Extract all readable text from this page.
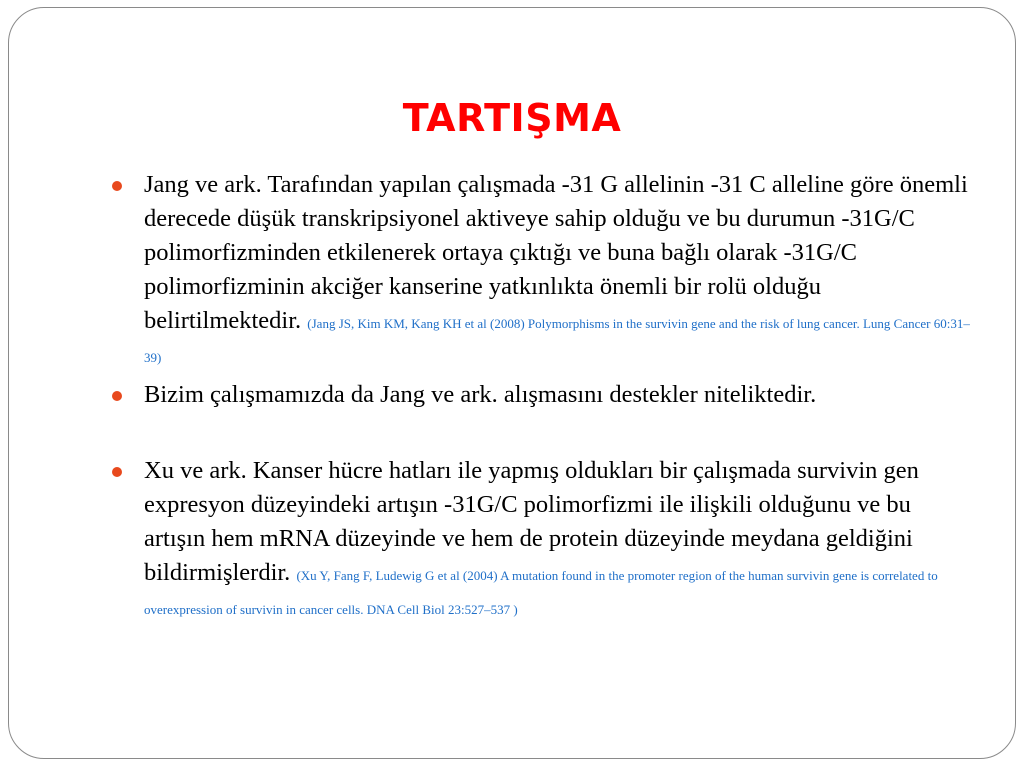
TARTIŞMA
Jang ve ark. Tarafından yapılan çalışmada -31 G allelinin -31 C alleline göre önemli derecede düşük transkripsiyonel aktiveye sahip olduğu ve bu durumun -31G/C polimorfizminden etkilenerek ortaya çıktığı ve buna bağlı olarak -31G/C polimorfizminin akciğer kanserine yatkınlıkta önemli bir rolü olduğu belirtilmektedir. (Jang JS, Kim KM, Kang KH et al (2008) Polymorphisms in the survivin gene and the risk of lung cancer. Lung Cancer 60:31–39)
Bizim çalışmamızda da Jang ve ark. alışmasını destekler niteliktedir.
Xu ve ark. Kanser hücre hatları ile yapmış oldukları bir çalışmada survivin gen expresyon düzeyindeki artışın -31G/C polimorfizmi ile ilişkili olduğunu ve bu artışın hem mRNA düzeyinde ve hem de protein düzeyinde meydana geldiğini bildirmişlerdir. (Xu Y, Fang F, Ludewig G et al (2004) A mutation found in the promoter region of the human survivin gene is correlated to overexpression of survivin in cancer cells. DNA Cell Biol 23:527–537 )
